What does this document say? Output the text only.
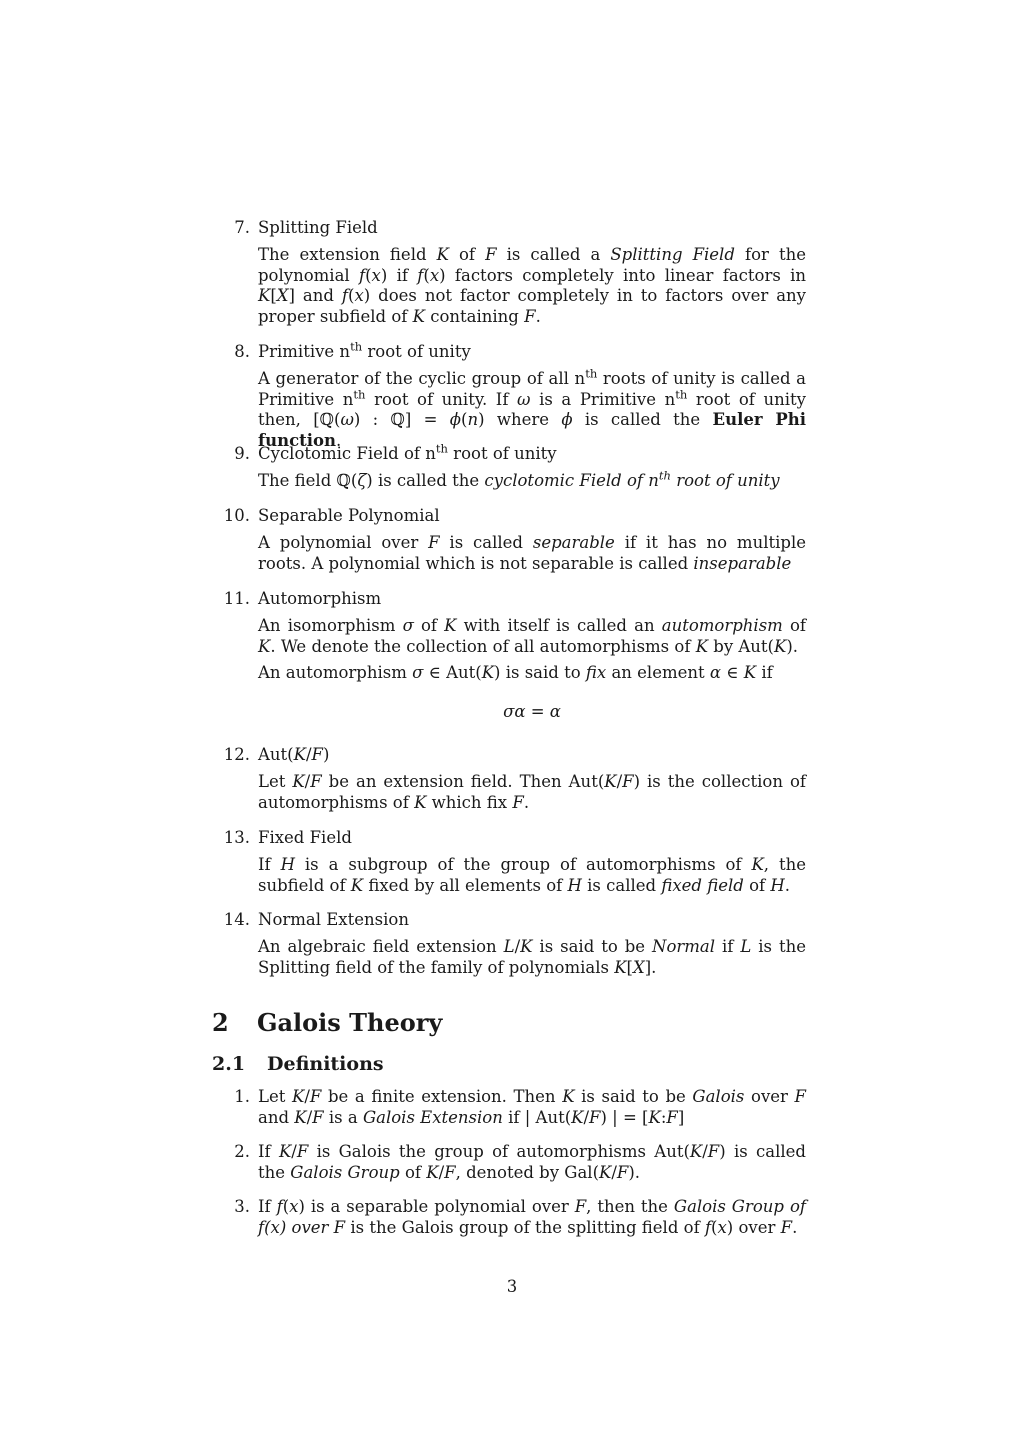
7. Splitting Field
The extension field K of F is called a Splitting Field for the polynomial f(x) if f(x) factors completely into linear factors in K[X] and f(x) does not factor completely in to factors over any proper subfield of K containing F.
8. Primitive $n^{th}$ root of unity
A generator of the cyclic group of all $n^{th}$ roots of unity is called a Primitive $n^{th}$ root of unity. If ω is a Primitive $n^{th}$ root of unity then, [ℚ(ω) : ℚ] = ϕ(n) where ϕ is called the Euler Phi function.
9. Cyclotomic Field of $n^{th}$ root of unity
The field ℚ(ζ) is called the cyclotomic Field of $n^{th}$ root of unity
10. Separable Polynomial
A polynomial over F is called separable if it has no multiple roots. A polynomial which is not separable is called inseparable
11. Automorphism
An isomorphism σ of K with itself is called an automorphism of K. We denote the collection of all automorphisms of K by Aut(K).
An automorphism σ ∈ Aut(K) is said to fix an element α ∈ K if
σα = α
12. Aut(K/F)
Let K/F be an extension field. Then Aut(K/F) is the collection of automorphisms of K which fix F.
13. Fixed Field
If H is a subgroup of the group of automorphisms of K, the subfield of K fixed by all elements of H is called fixed field of H.
14. Normal Extension
An algebraic field extension L/K is said to be Normal if L is the Splitting field of the family of polynomials K[X].
2 Galois Theory
2.1 Definitions
1. Let K/F be a finite extension. Then K is said to be Galois over F and K/F is a Galois Extension if | Aut(K/F) | = [K:F]
2. If K/F is Galois the group of automorphisms Aut(K/F) is called the Galois Group of K/F, denoted by Gal(K/F).
3. If f(x) is a separable polynomial over F, then the Galois Group of f(x) over F is the Galois group of the splitting field of f(x) over F.
3
